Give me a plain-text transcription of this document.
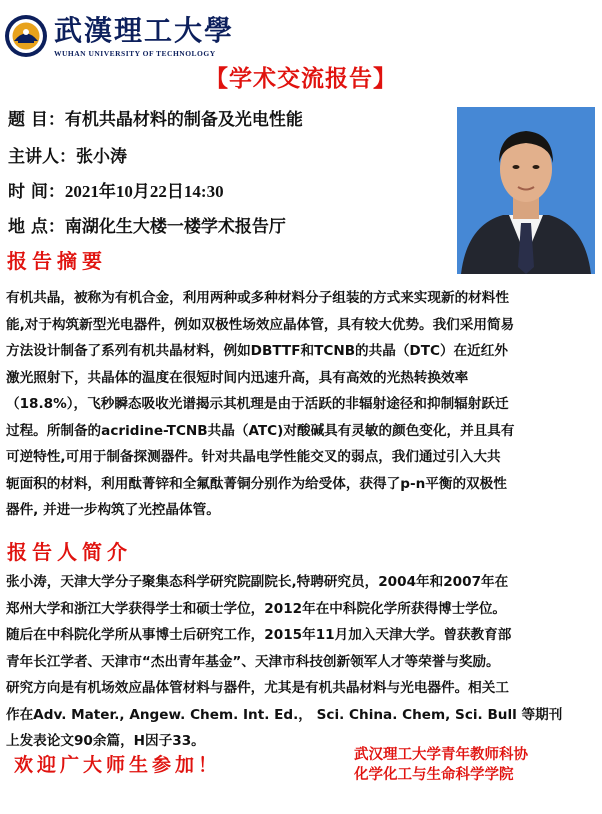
武漢理工大學
WUHAN UNIVERSITY OF TECHNOLOGY
【学术交流报告】
题 目：有机共晶材料的制备及光电性能
主讲人：张小涛
时 间：2021年10月22日14:30
地 点：南湖化生大楼一楼学术报告厅
报告摘要
有机共晶，被称为有机合金，利用两种或多种材料分子组装的方式来实现新的材料性
能,对于构筑新型光电器件，例如双极性场效应晶体管，具有较大优势。我们采用简易
方法设计制备了系列有机共晶材料，例如DBTTF和TCNB的共晶（DTC）在近红外
激光照射下，共晶体的温度在很短时间内迅速升高，具有高效的光热转换效率
（18.8%），飞秒瞬态吸收光谱揭示其机理是由于活跃的非辐射途径和抑制辐射跃迁
过程。所制备的acridine-TCNB共晶（ATC)对酸碱具有灵敏的颜色变化，并且具有
可逆特性,可用于制备探测器件。针对共晶电学性能交叉的弱点，我们通过引入大共
轭面积的材料，利用酞菁锌和全氟酞菁铜分别作为给受体，获得了p-n平衡的双极性
器件, 并进一步构筑了光控晶体管。
报告人简介
张小涛，天津大学分子聚集态科学研究院副院长,特聘研究员，2004年和2007年在
郑州大学和浙江大学获得学士和硕士学位，2012年在中科院化学所获得博士学位。
随后在中科院化学所从事博士后研究工作，2015年11月加入天津大学。曾获教育部
青年长江学者、天津市“杰出青年基金”、天津市科技创新领军人才等荣誉与奖励。
研究方向是有机场效应晶体管材料与器件，尤其是有机共晶材料与光电器件。相关工
作在Adv. Mater., Angew. Chem. Int. Ed.， Sci. China. Chem, Sci. Bull 等期刊
上发表论文90余篇，H因子33。
欢迎广大师生参加！	武汉理工大学青年教师科协
化学化工与生命科学学院
